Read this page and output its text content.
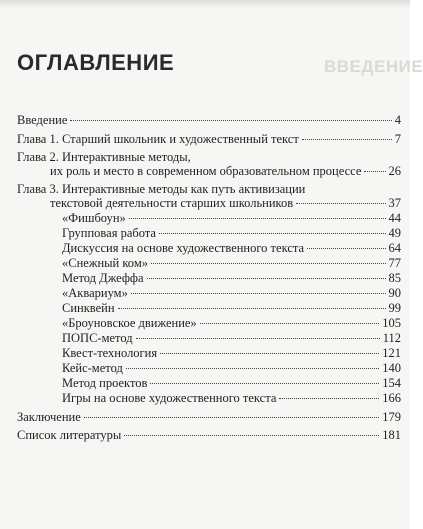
ВВЕДЕНИЕ
ОГЛАВЛЕНИЕ
Введение	4
Глава 1. Старший школьник и художественный текст	7
Глава 2. Интерактивные методы,
их роль и место в современном образовательном процессе 26
Глава 3. Интерактивные методы как путь активизации
текстовой деятельности старших школьников	37
«Фишбоун»	44
Групповая работа	49
Дискуссия на основе художественного текста	64
«Снежный ком»	77
Метод Джеффа	85
«Аквариум»	90
Синквейн	99
«Броуновское движение»	105
ПОПС-метод	112
Квест-технология	121
Кейс-метод	140
Метод проектов	154
Игры на основе художественного текста	166
Заключение	179
Список литературы	181
